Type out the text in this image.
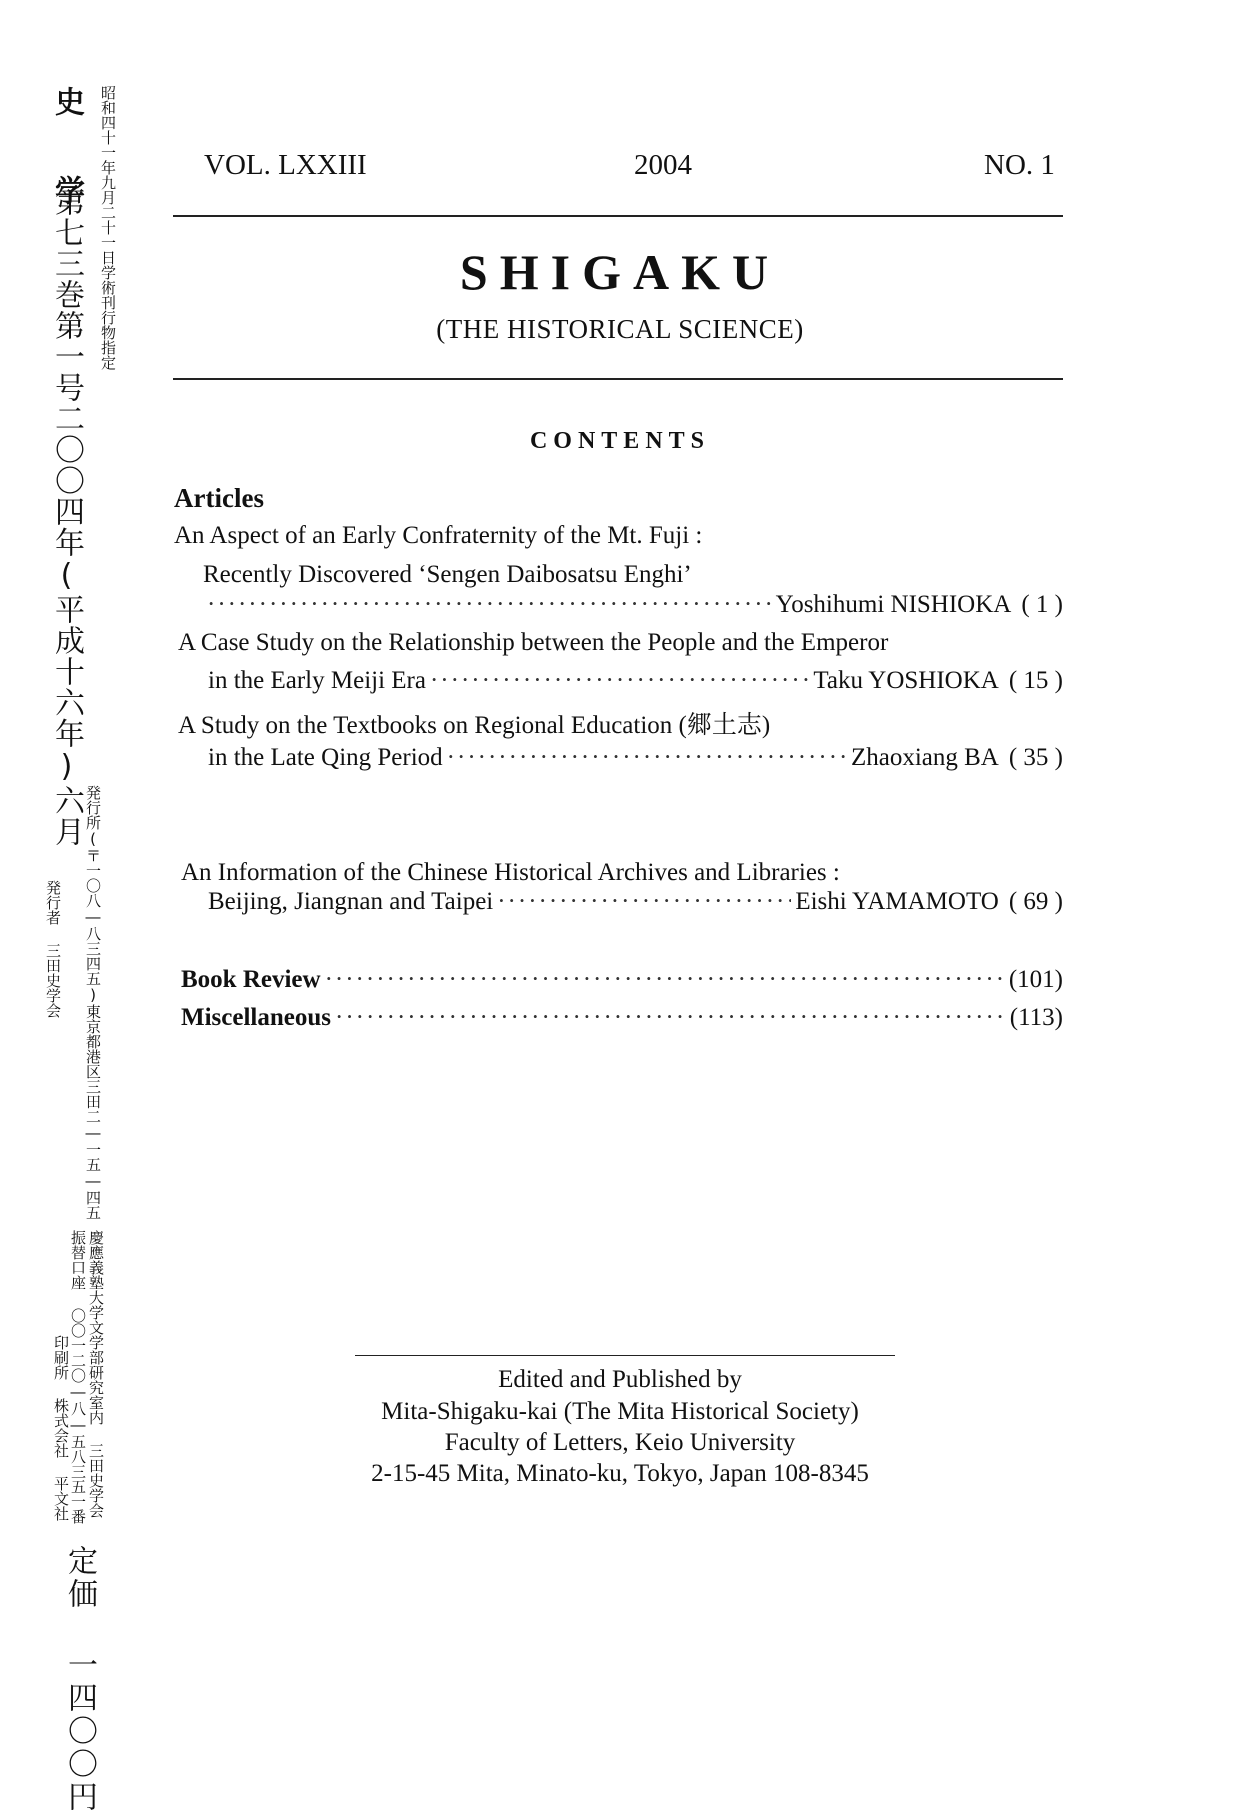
史 学
第七三巻第一号二〇〇四年(平成十六年)六月 昭和四十一年九月二十一日学術刊行物指定
発行所(〒一〇八―八三四五)東京都港区三田二―一五―四五
発行者 三田史学会
慶應義塾大学文学部研究室内 三田史学会
振替口座 〇〇一二〇―八―五八三五一番
印刷所 株式会社 平文社
定価 一四〇〇円
VOL. LXXIII	2004	NO. 1
SHIGAKU
(THE HISTORICAL SCIENCE)
CONTENTS
Articles
An Aspect of an Early Confraternity of the Mt. Fuji :
Recently Discovered ‘Sengen Daibosatsu Enghi’
·····
Yoshihumi NISHIOKA ( 1 )
A Case Study on the Relationship between the People and the Emperor
in the Early Meiji Era ·····	Taku YOSHIOKA ( 15 )
A Study on the Textbooks on Regional Education (郷土志)
in the Late Qing Period ·····	Zhaoxiang BA ( 35 )
An Information of the Chinese Historical Archives and Libraries :
Beijing, Jiangnan and Taipei ·····	Eishi YAMAMOTO ( 69 )
Book Review ·····	(101)
Miscellaneous ·····	(113)
Edited and Published by
Mita-Shigaku-kai (The Mita Historical Society)
Faculty of Letters, Keio University
2-15-45 Mita, Minato-ku, Tokyo, Japan 108-8345
